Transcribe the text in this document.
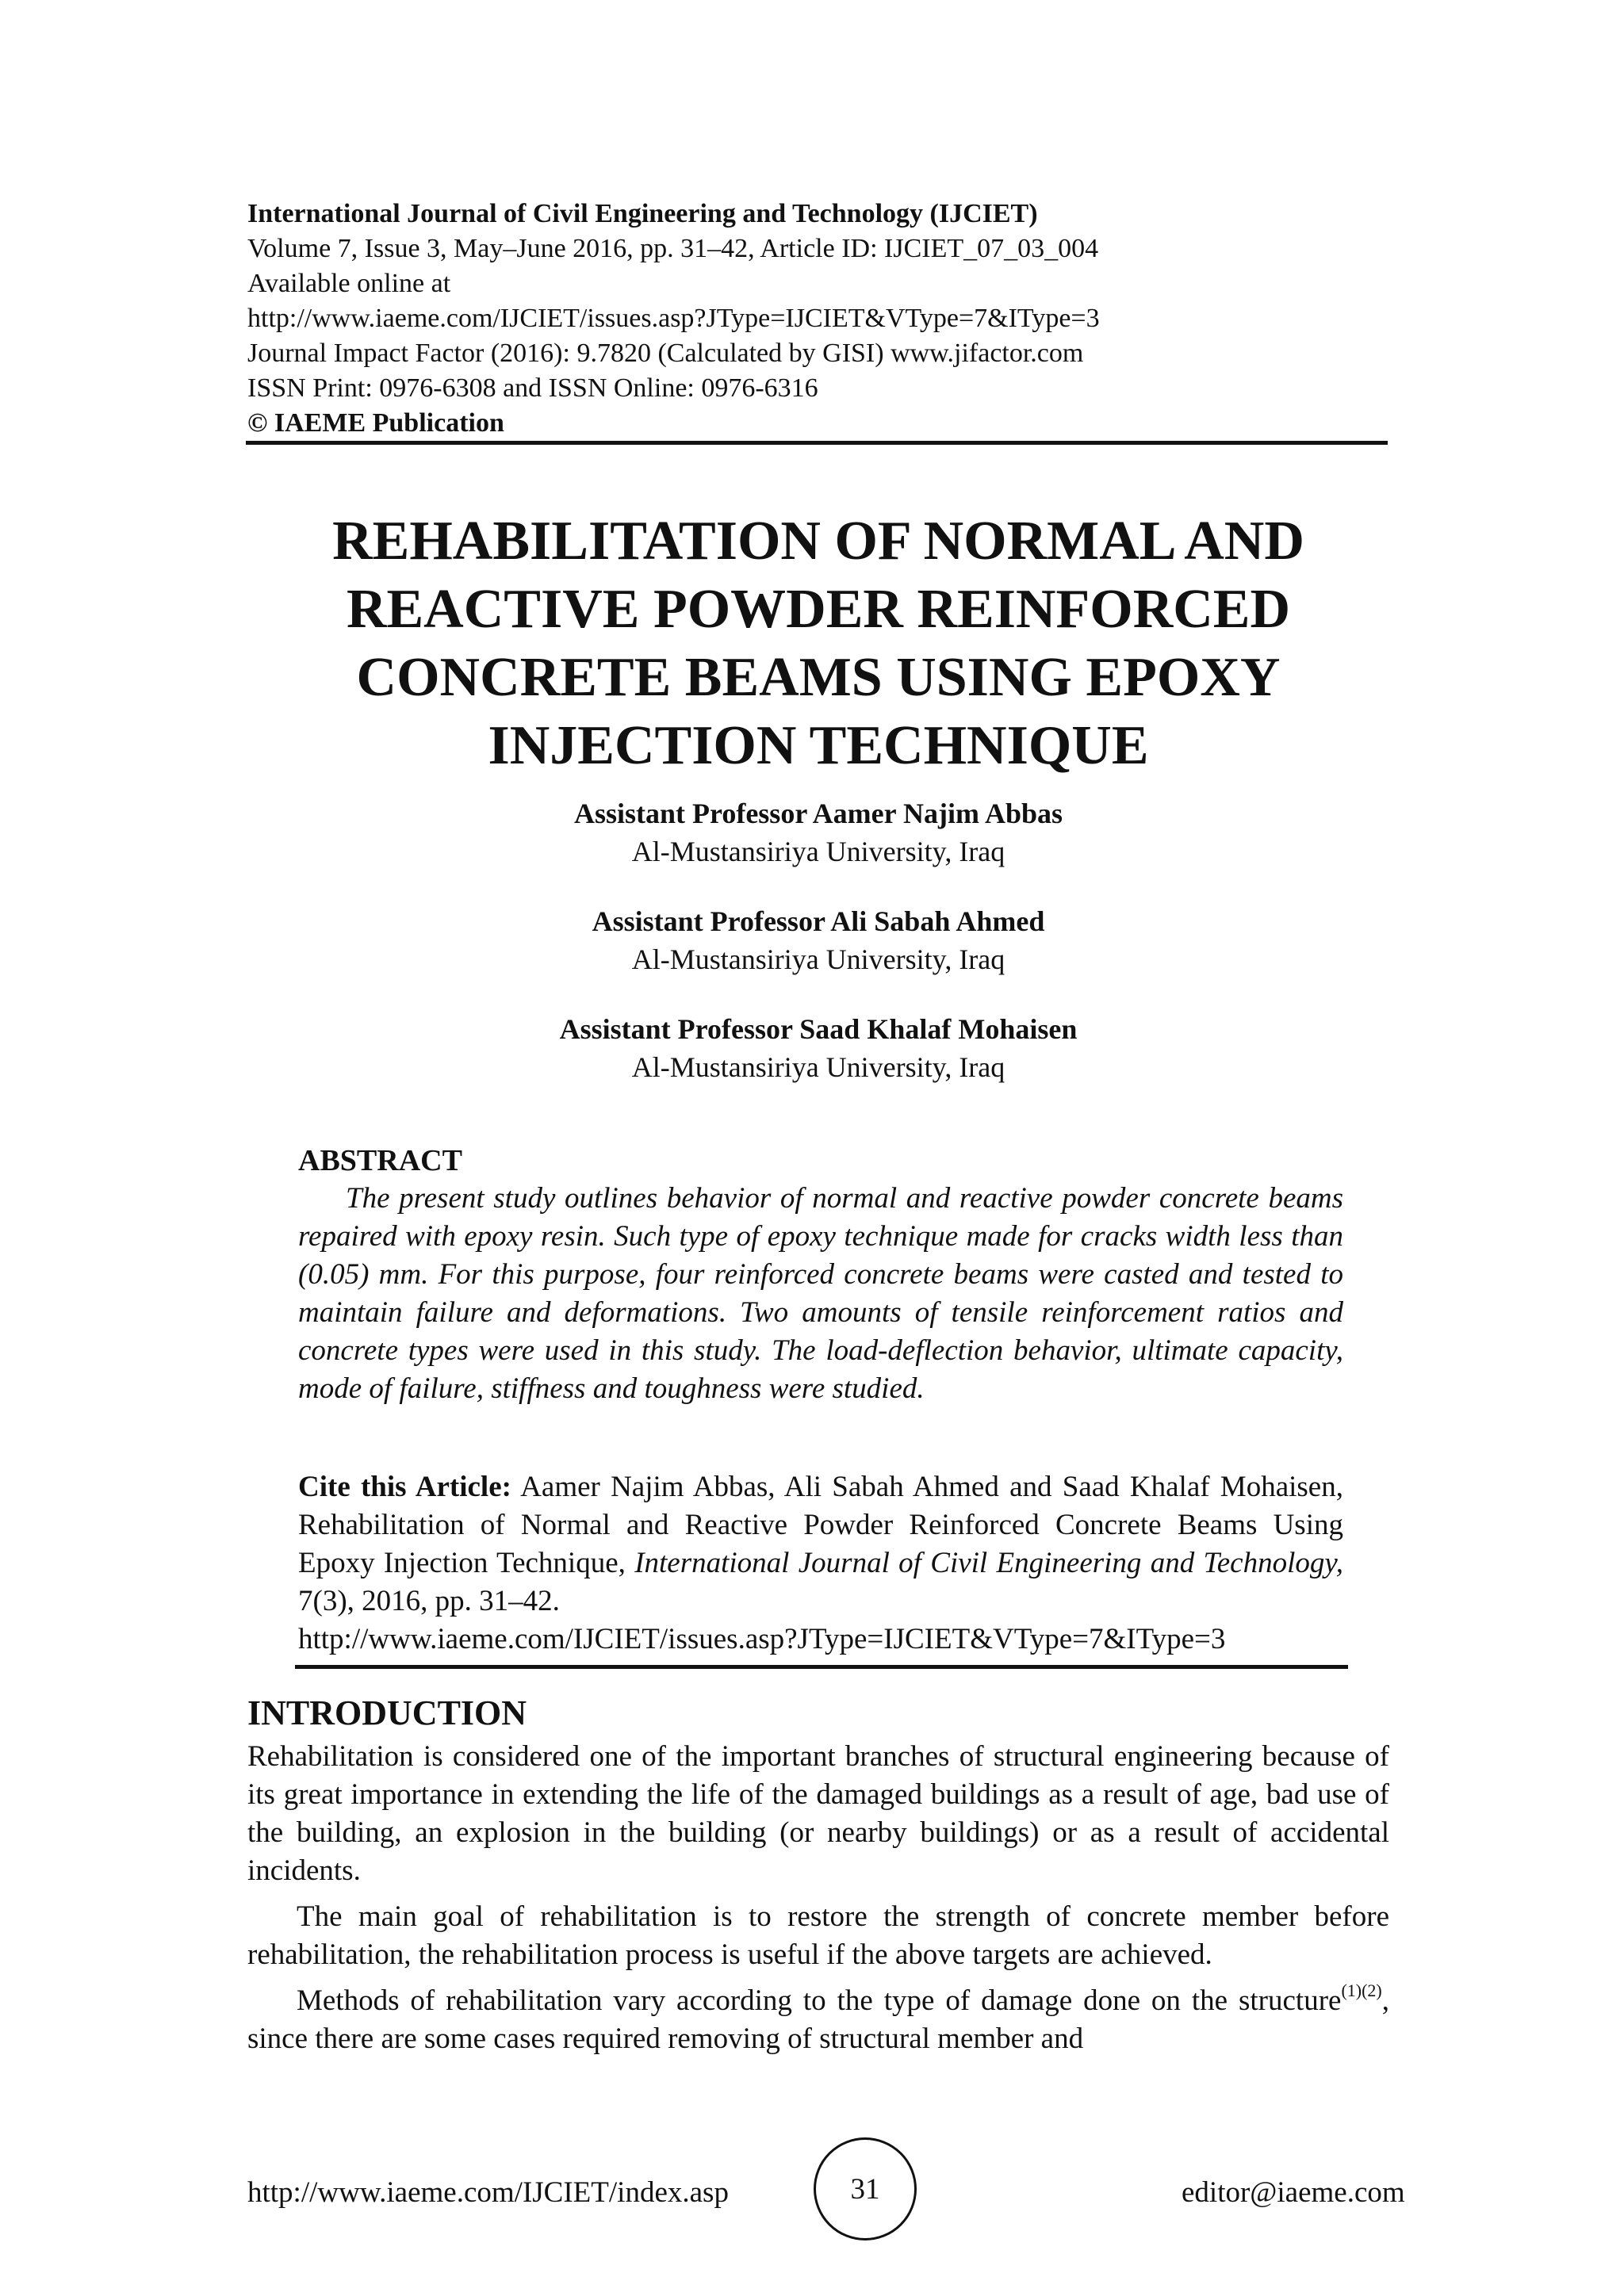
International Journal of Civil Engineering and Technology (IJCIET)
Volume 7, Issue 3, May–June 2016, pp. 31–42, Article ID: IJCIET_07_03_004
Available online at
http://www.iaeme.com/IJCIET/issues.asp?JType=IJCIET&VType=7&IType=3
Journal Impact Factor (2016): 9.7820 (Calculated by GISI) www.jifactor.com
ISSN Print: 0976-6308 and ISSN Online: 0976-6316
© IAEME Publication
REHABILITATION OF NORMAL AND
REACTIVE POWDER REINFORCED
CONCRETE BEAMS USING EPOXY
INJECTION TECHNIQUE
Assistant Professor Aamer Najim Abbas
Al-Mustansiriya University, Iraq
Assistant Professor Ali Sabah Ahmed
Al-Mustansiriya University, Iraq
Assistant Professor Saad Khalaf Mohaisen
Al-Mustansiriya University, Iraq
ABSTRACT
The present study outlines behavior of normal and reactive powder concrete beams repaired with epoxy resin. Such type of epoxy technique made for cracks width less than (0.05) mm. For this purpose, four reinforced concrete beams were casted and tested to maintain failure and deformations. Two amounts of tensile reinforcement ratios and concrete types were used in this study. The load-deflection behavior, ultimate capacity, mode of failure, stiffness and toughness were studied.
Cite this Article: Aamer Najim Abbas, Ali Sabah Ahmed and Saad Khalaf Mohaisen, Rehabilitation of Normal and Reactive Powder Reinforced Concrete Beams Using Epoxy Injection Technique, International Journal of Civil Engineering and Technology, 7(3), 2016, pp. 31–42.
http://www.iaeme.com/IJCIET/issues.asp?JType=IJCIET&VType=7&IType=3
INTRODUCTION

Rehabilitation is considered one of the important branches of structural engineering because of its great importance in extending the life of the damaged buildings as a result of age, bad use of the building, an explosion in the building (or nearby buildings) or as a result of accidental incidents.

The main goal of rehabilitation is to restore the strength of concrete member before rehabilitation, the rehabilitation process is useful if the above targets are achieved.

Methods of rehabilitation vary according to the type of damage done on the structure$^{(1)(2)}$, since there are some cases required removing of structural member and

http://www.iaeme.com/IJCIET/index.asp	31	editor@iaeme.com
